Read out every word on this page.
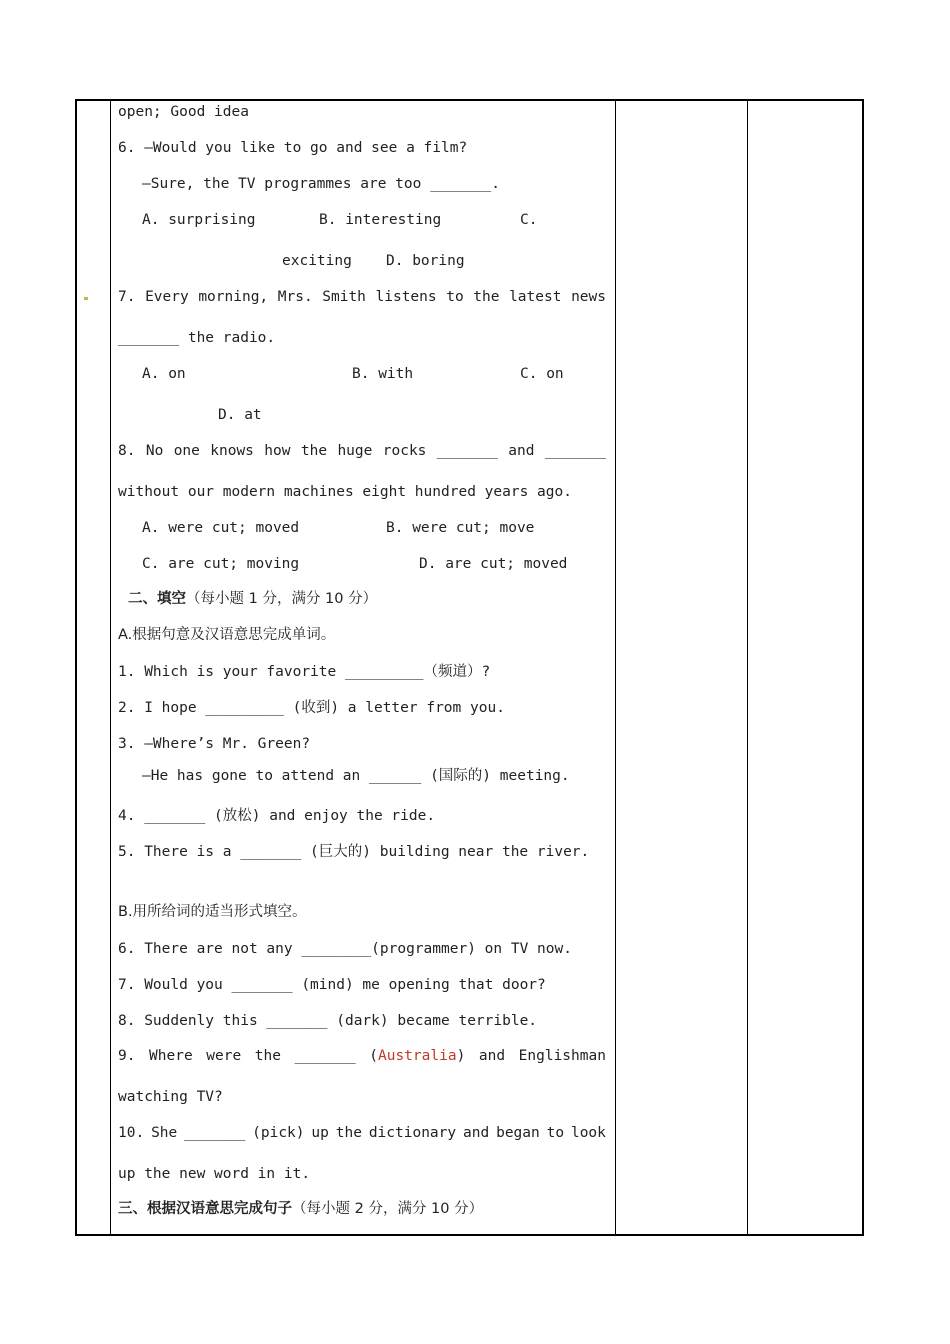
open; Good idea
6. —Would you like to go and see a film?
—Sure, the TV programmes are too _______.
A. surprising	B. interesting	C.
exciting D. boring
7. Every morning, Mrs. Smith listens to the latest news
_______ the radio.
A. on	B. with	C. on
D. at
8. No one knows how the huge rocks _______ and _______
without our modern machines eight hundred years ago.
A. were cut; moved	B. were cut; move
C. are cut; moving	D. are cut; moved
二、填空（每小题 1 分，满分 10 分）
A.根据句意及汉语意思完成单词。
1. Which is your favorite _________（频道）?
2. I hope _________ (收到) a letter from you.
3. —Where’s Mr. Green?
—He has gone to attend an ______ (国际的) meeting.
4. _______ (放松) and enjoy the ride.
5. There is a _______ (巨大的) building near the river.
B.用所给词的适当形式填空。
6. There are not any ________(programmer) on TV now.
7. Would you _______ (mind) me opening that door?
8. Suddenly this _______ (dark) became terrible.
9. Where were the _______ (Australia) and Englishman
watching TV?
10. She _______ (pick) up the dictionary and began to look
up the new word in it.
三、根据汉语意思完成句子（每小题 2 分，满分 10 分）
